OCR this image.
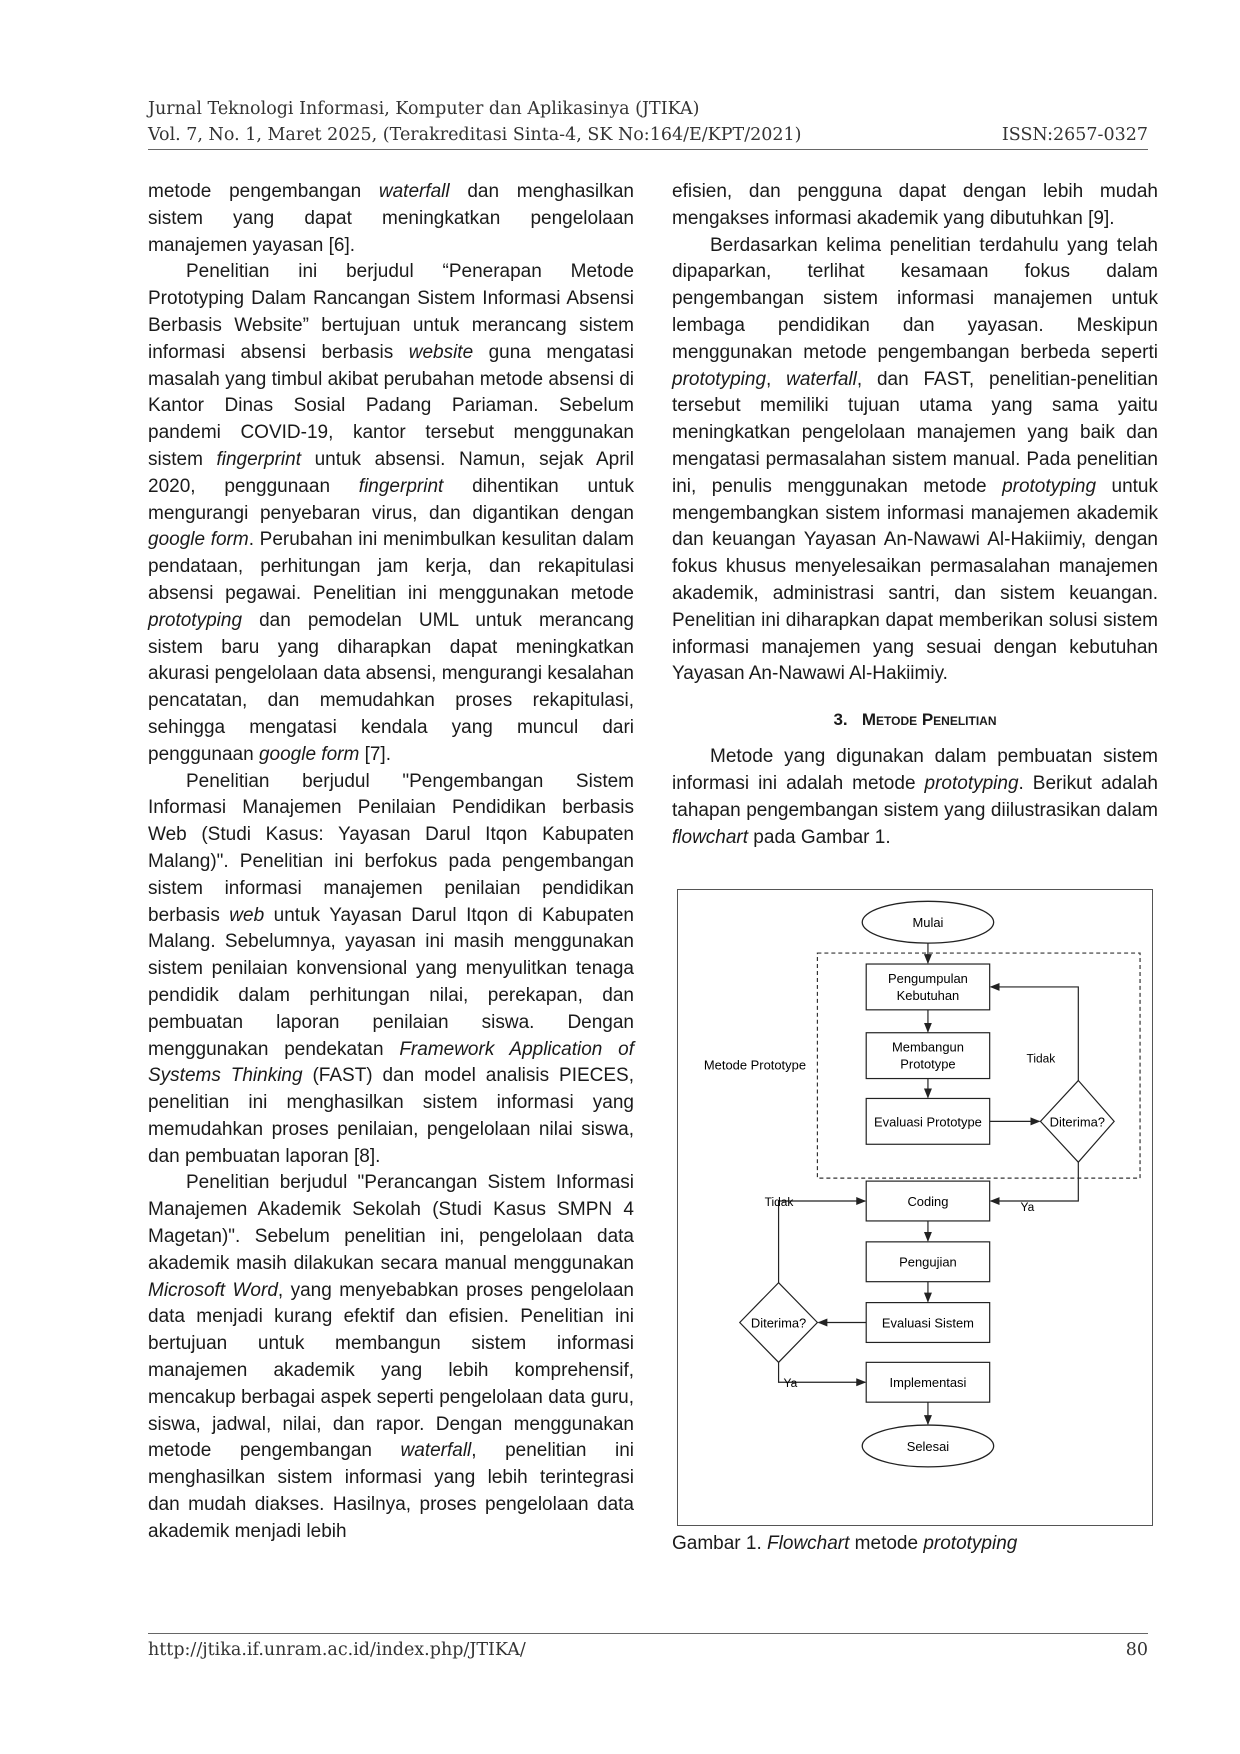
Jurnal Teknologi Informasi, Komputer dan Aplikasinya (JTIKA)
Vol. 7, No. 1, Maret 2025, (Terakreditasi Sinta-4, SK No:164/E/KPT/2021)	ISSN:2657-0327

metode pengembangan waterfall dan menghasilkan sistem yang dapat meningkatkan pengelolaan manajemen yayasan [6].

Penelitian ini berjudul “Penerapan Metode Prototyping Dalam Rancangan Sistem Informasi Absensi Berbasis Website” bertujuan untuk merancang sistem informasi absensi berbasis website guna mengatasi masalah yang timbul akibat perubahan metode absensi di Kantor Dinas Sosial Padang Pariaman. Sebelum pandemi COVID-19, kantor tersebut menggunakan sistem fingerprint untuk absensi. Namun, sejak April 2020, penggunaan fingerprint dihentikan untuk mengurangi penyebaran virus, dan digantikan dengan google form. Perubahan ini menimbulkan kesulitan dalam pendataan, perhitungan jam kerja, dan rekapitulasi absensi pegawai. Penelitian ini menggunakan metode prototyping dan pemodelan UML untuk merancang sistem baru yang diharapkan dapat meningkatkan akurasi pengelolaan data absensi, mengurangi kesalahan pencatatan, dan memudahkan proses rekapitulasi, sehingga mengatasi kendala yang muncul dari penggunaan google form [7].

Penelitian berjudul "Pengembangan Sistem Informasi Manajemen Penilaian Pendidikan berbasis Web (Studi Kasus: Yayasan Darul Itqon Kabupaten Malang)". Penelitian ini berfokus pada pengembangan sistem informasi manajemen penilaian pendidikan berbasis web untuk Yayasan Darul Itqon di Kabupaten Malang. Sebelumnya, yayasan ini masih menggunakan sistem penilaian konvensional yang menyulitkan tenaga pendidik dalam perhitungan nilai, perekapan, dan pembuatan laporan penilaian siswa. Dengan menggunakan pendekatan Framework Application of Systems Thinking (FAST) dan model analisis PIECES, penelitian ini menghasilkan sistem informasi yang memudahkan proses penilaian, pengelolaan nilai siswa, dan pembuatan laporan [8].

Penelitian berjudul "Perancangan Sistem Informasi Manajemen Akademik Sekolah (Studi Kasus SMPN 4 Magetan)". Sebelum penelitian ini, pengelolaan data akademik masih dilakukan secara manual menggunakan Microsoft Word, yang menyebabkan proses pengelolaan data menjadi kurang efektif dan efisien. Penelitian ini bertujuan untuk membangun sistem informasi manajemen akademik yang lebih komprehensif, mencakup berbagai aspek seperti pengelolaan data guru, siswa, jadwal, nilai, dan rapor. Dengan menggunakan metode pengembangan waterfall, penelitian ini menghasilkan sistem informasi yang lebih terintegrasi dan mudah diakses. Hasilnya, proses pengelolaan data akademik menjadi lebih

efisien, dan pengguna dapat dengan lebih mudah mengakses informasi akademik yang dibutuhkan [9].

Berdasarkan kelima penelitian terdahulu yang telah dipaparkan, terlihat kesamaan fokus dalam pengembangan sistem informasi manajemen untuk lembaga pendidikan dan yayasan. Meskipun menggunakan metode pengembangan berbeda seperti prototyping, waterfall, dan FAST, penelitian-penelitian tersebut memiliki tujuan utama yang sama yaitu meningkatkan pengelolaan manajemen yang baik dan mengatasi permasalahan sistem manual. Pada penelitian ini, penulis menggunakan metode prototyping untuk mengembangkan sistem informasi manajemen akademik dan keuangan Yayasan An-Nawawi Al-Hakiimiy, dengan fokus khusus menyelesaikan permasalahan manajemen akademik, administrasi santri, dan sistem keuangan. Penelitian ini diharapkan dapat memberikan solusi sistem informasi manajemen yang sesuai dengan kebutuhan Yayasan An-Nawawi Al-Hakiimiy.

3. Metode Penelitian

Metode yang digunakan dalam pembuatan sistem informasi ini adalah metode prototyping. Berikut adalah tahapan pengembangan sistem yang diilustrasikan dalam flowchart pada Gambar 1.

Metode Prototype
Mulai
Pengumpulan
Kebutuhan
Membangun
Prototype
Evaluasi Prototype	Diterima?
Coding
Pengujian
Evaluasi Sistem
Diterima?
Implementasi
Selesai
Tidak
Ya
Tidak
Ya
Gambar 1. Flowchart metode prototyping
http://jtika.if.unram.ac.id/index.php/JTIKA/	80
